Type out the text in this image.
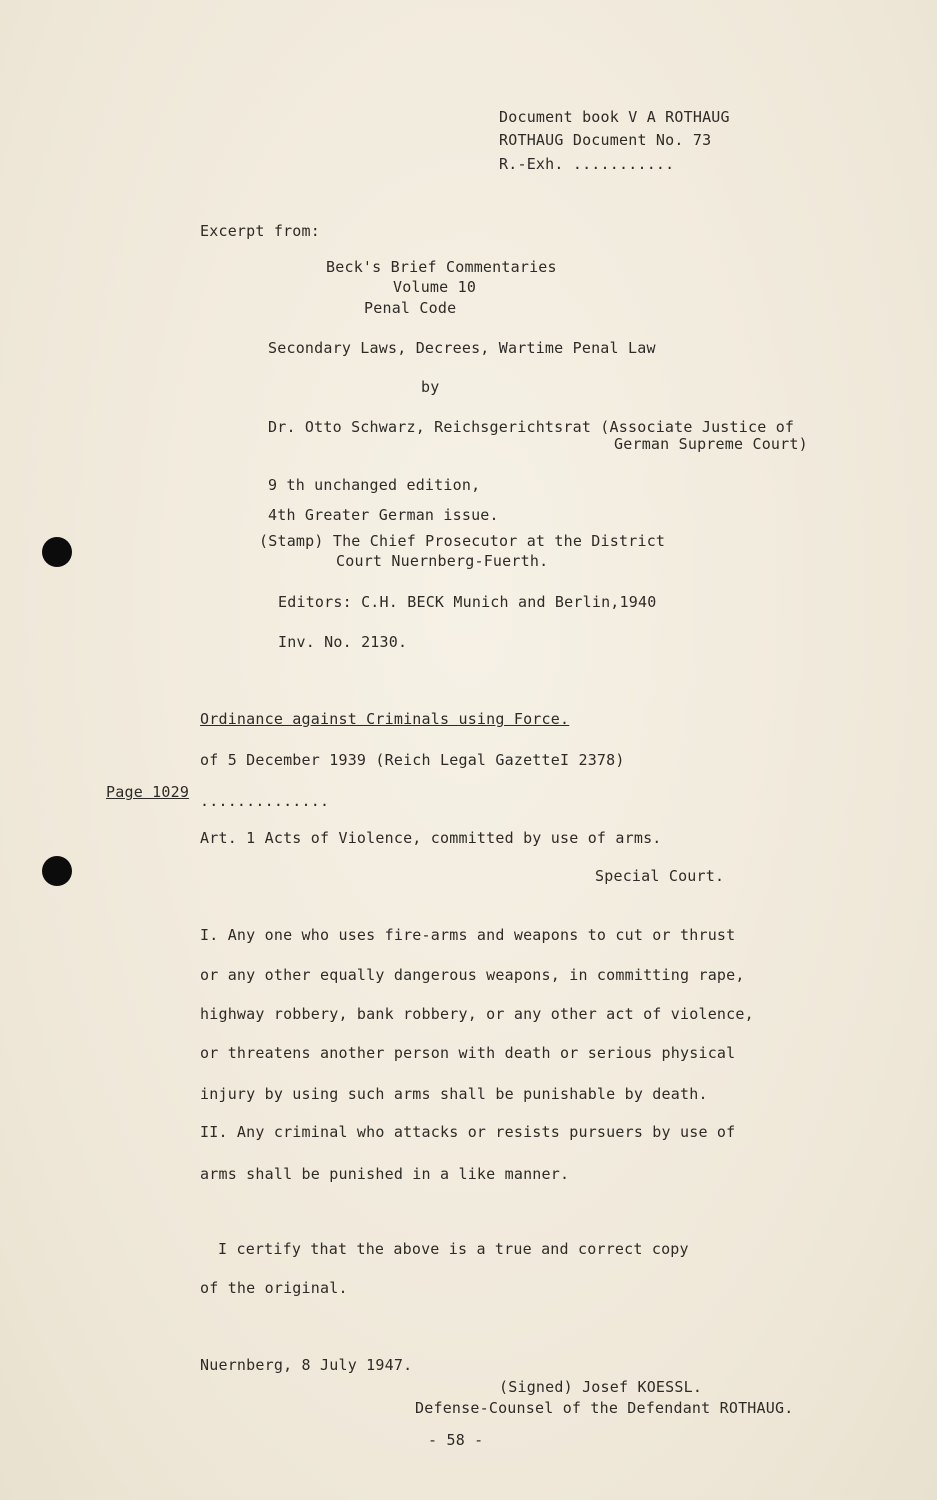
Document book V A ROTHAUG
ROTHAUG Document No. 73
R.-Exh. ...........
Excerpt from:
Beck's Brief Commentaries
Volume 10
Penal Code
Secondary Laws, Decrees, Wartime Penal Law
by
Dr. Otto Schwarz, Reichsgerichtsrat (Associate Justice of
German Supreme Court)
9 th unchanged edition,
4th Greater German issue.
(Stamp) The Chief Prosecutor at the District
Court Nuernberg-Fuerth.
Editors: C.H. BECK Munich and Berlin,1940
Inv. No. 2130.
Ordinance against Criminals using Force.
of 5 December 1939 (Reich Legal GazetteI 2378)
Page 1029 ..............
Art. 1 Acts of Violence, committed by use of arms.
Special Court.
I. Any one who uses fire-arms and weapons to cut or thrust
or any other equally dangerous weapons, in committing rape,
highway robbery, bank robbery, or any other act of violence,
or threatens another person with death or serious physical
injury by using such arms shall be punishable by death.
II. Any criminal who attacks or resists pursuers by use of
arms shall be punished in a like manner.
I certify that the above is a true and correct copy
of the original.
Nuernberg, 8 July 1947.
(Signed) Josef KOESSL.
Defense-Counsel of the Defendant ROTHAUG.
- 58 -
